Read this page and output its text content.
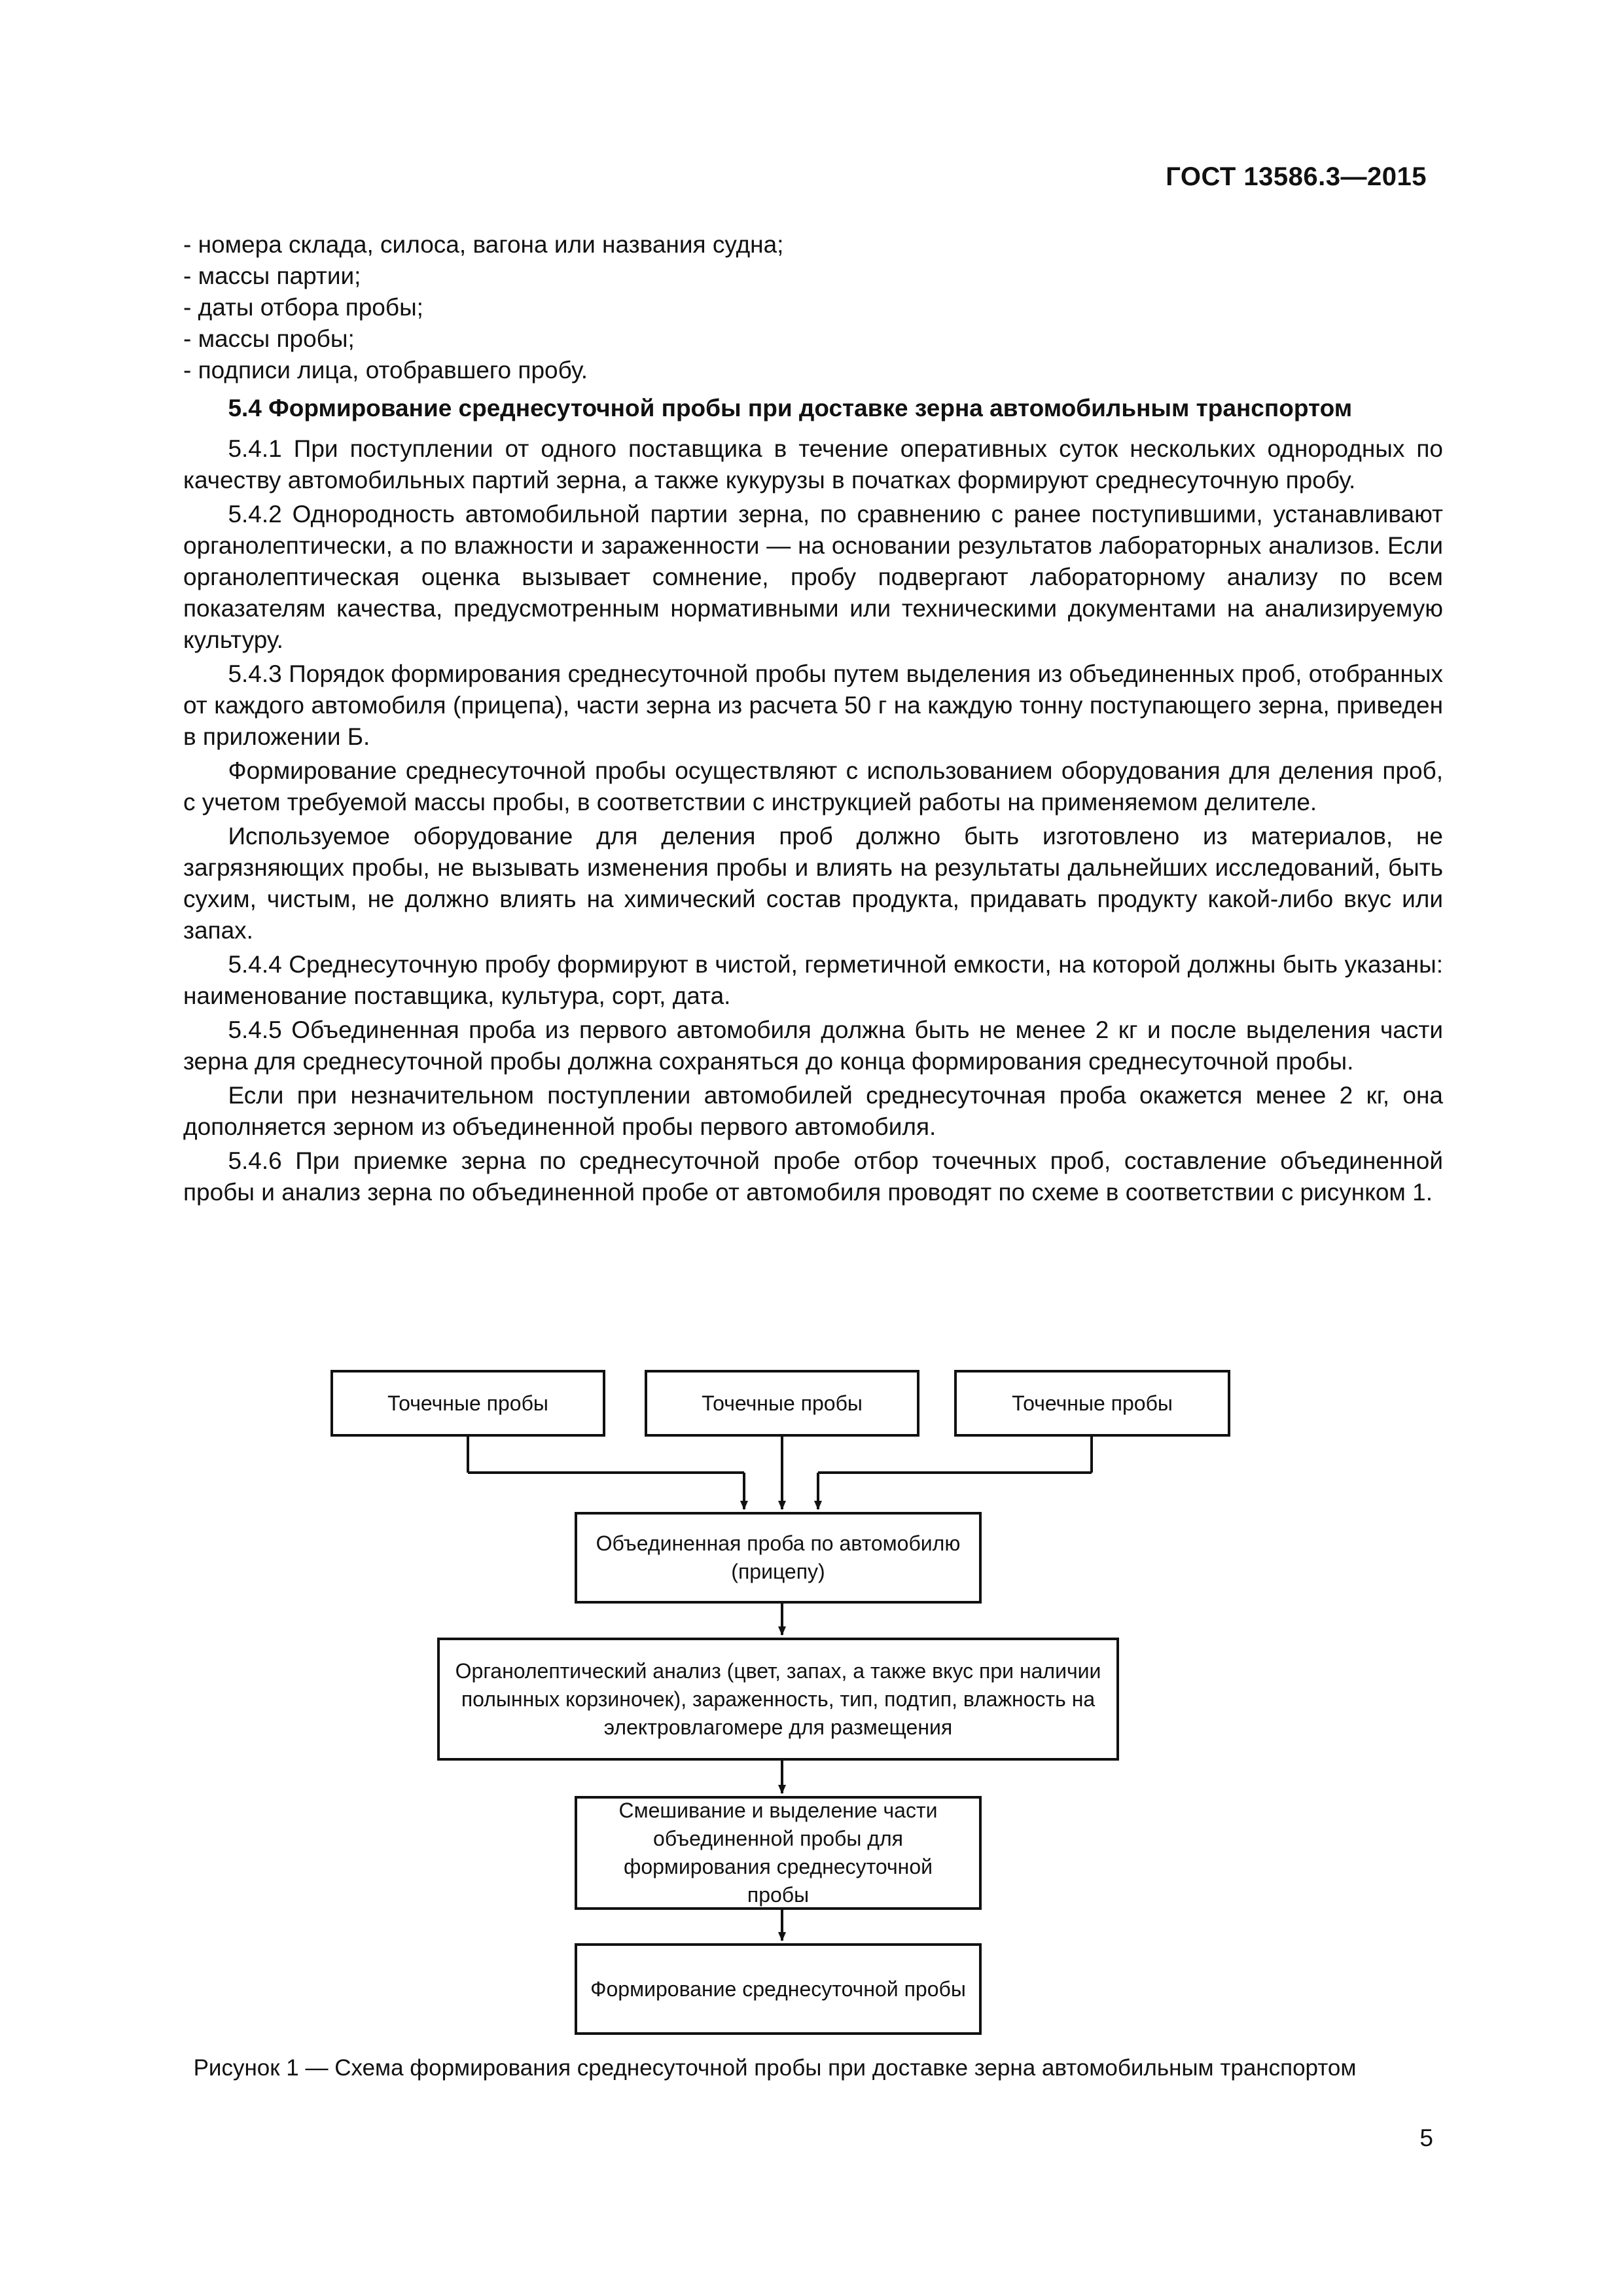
ГОСТ 13586.3—2015
- номера склада, силоса, вагона или названия судна;
- массы партии;
- даты отбора пробы;
- массы пробы;
- подписи лица, отобравшего пробу.

5.4 Формирование среднесуточной пробы при доставке зерна автомобильным транспортом

5.4.1 При поступлении от одного поставщика в течение оперативных суток нескольких однородных по качеству автомобильных партий зерна, а также кукурузы в початках формируют среднесуточную пробу.

5.4.2 Однородность автомобильной партии зерна, по сравнению с ранее поступившими, устанавливают органолептически, а по влажности и зараженности — на основании результатов лабораторных анализов. Если органолептическая оценка вызывает сомнение, пробу подвергают лабораторному анализу по всем показателям качества, предусмотренным нормативными или техническими документами на анализируемую культуру.

5.4.3 Порядок формирования среднесуточной пробы путем выделения из объединенных проб, отобранных от каждого автомобиля (прицепа), части зерна из расчета 50 г на каждую тонну поступающего зерна, приведен в приложении Б.

Формирование среднесуточной пробы осуществляют с использованием оборудования для деления проб, с учетом требуемой массы пробы, в соответствии с инструкцией работы на применяемом делителе.

Используемое оборудование для деления проб должно быть изготовлено из материалов, не загрязняющих пробы, не вызывать изменения пробы и влиять на результаты дальнейших исследований, быть сухим, чистым, не должно влиять на химический состав продукта, придавать продукту какой-либо вкус или запах.

5.4.4 Среднесуточную пробу формируют в чистой, герметичной емкости, на которой должны быть указаны: наименование поставщика, культура, сорт, дата.

5.4.5 Объединенная проба из первого автомобиля должна быть не менее 2 кг и после выделения части зерна для среднесуточной пробы должна сохраняться до конца формирования среднесуточной пробы.

Если при незначительном поступлении автомобилей среднесуточная проба окажется менее 2 кг, она дополняется зерном из объединенной пробы первого автомобиля.

5.4.6 При приемке зерна по среднесуточной пробе отбор точечных проб, составление объединенной пробы и анализ зерна по объединенной пробе от автомобиля проводят по схеме в соответствии с рисунком 1.

Точечные пробы	Точечные пробы	Точечные пробы
Объединенная проба по автомобилю (прицепу)
Органолептический анализ (цвет, запах, а также вкус при наличии полынных корзиночек), зараженность, тип, подтип, влажность на электровлагомере для размещения
Смешивание и выделение части объединенной пробы для формирования среднесуточной пробы
Формирование среднесуточной пробы
Рисунок 1 — Схема формирования среднесуточной пробы при доставке зерна автомобильным транспортом
5
